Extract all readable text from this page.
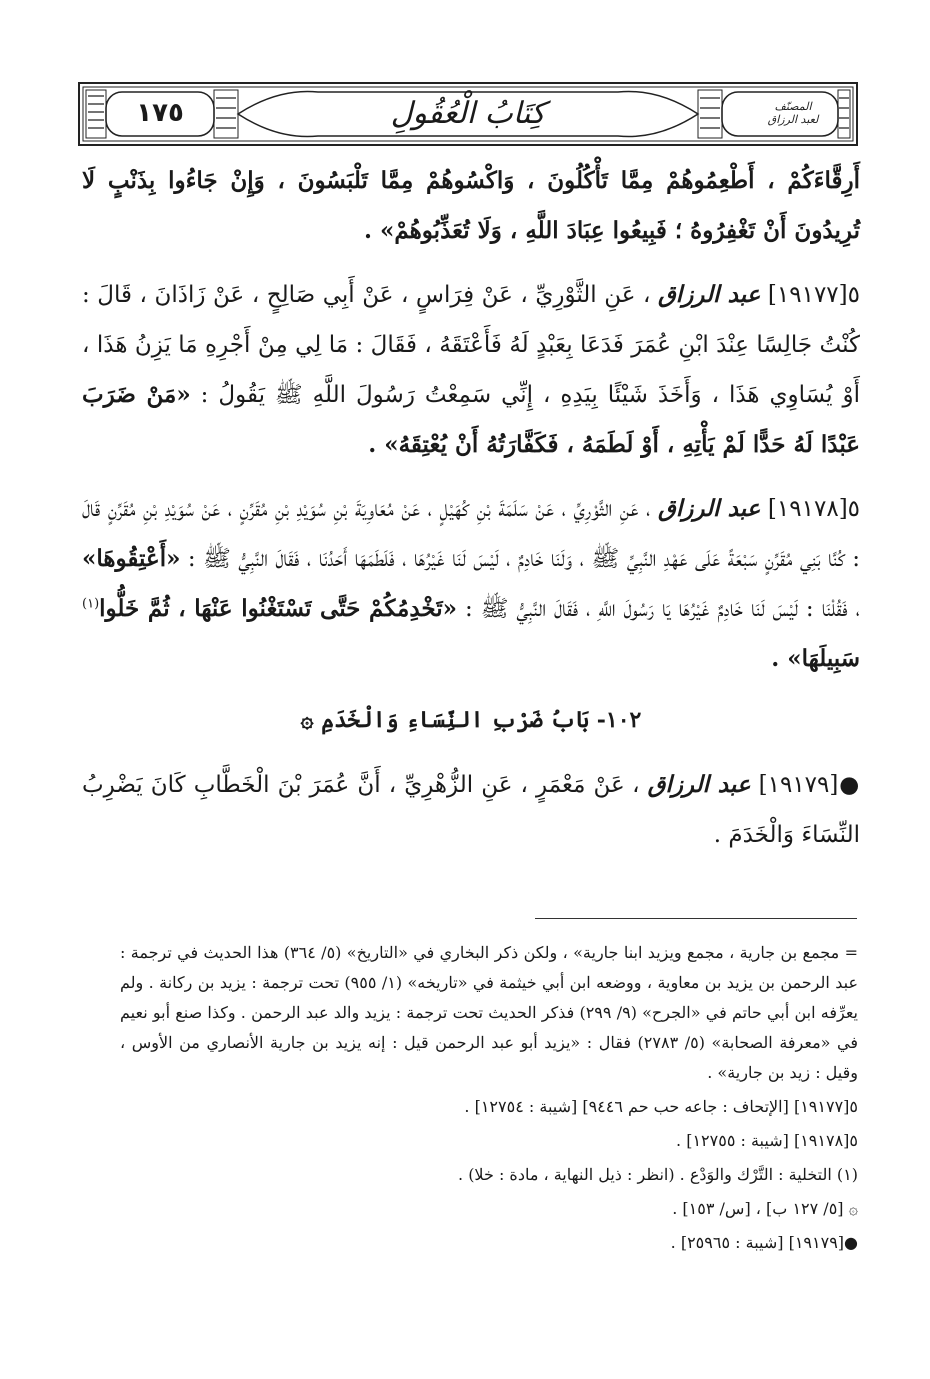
١٧٥	كِتَابُ الْعُقُولِ	المصنّف
لعبد الرزاق

أَرِقَّاءَكُمْ ، أَطْعِمُوهُمْ مِمَّا تَأْكُلُونَ ، وَاكْسُوهُمْ مِمَّا تَلْبَسُونَ ، وَإِنْ جَاءُوا بِذَنْبٍ لَا تُرِيدُونَ أَنْ تَغْفِرُوهُ ؛ فَبِيعُوا عِبَادَ اللَّهِ ، وَلَا تُعَذِّبُوهُمْ» .

٥[١٩١٧٧] عبد الرزاق ، عَنِ الثَّوْرِيِّ ، عَنْ فِرَاسٍ ، عَنْ أَبِي صَالِحٍ ، عَنْ زَاذَانَ ، قَالَ : كُنْتُ جَالِسًا عِنْدَ ابْنِ عُمَرَ فَدَعَا بِعَبْدٍ لَهُ فَأَعْتَقَهُ ، فَقَالَ : مَا لِي مِنْ أَجْرِهِ مَا يَزِنُ هَذَا ، أَوْ يُسَاوِي هَذَا ، وَأَخَذَ شَيْئًا بِيَدِهِ ، إِنِّي سَمِعْتُ رَسُولَ اللَّهِ ﷺ يَقُولُ : «مَنْ ضَرَبَ عَبْدًا لَهُ حَدًّا لَمْ يَأْتِهِ ، أَوْ لَطَمَهُ ، فَكَفَّارَتُهُ أَنْ يُعْتِقَهُ» .

٥[١٩١٧٨] عبد الرزاق ، عَنِ الثَّوْرِيِّ ، عَنْ سَلَمَةَ بْنِ كُهَيْلٍ ، عَنْ مُعَاوِيَةَ بْنِ سُوَيْدِ بْنِ مُقَرِّنٍ ، عَنْ سُوَيْدِ بْنِ مُقَرِّنٍ قَالَ : كُنَّا بَنِي مُقَرِّنٍ سَبْعَةً عَلَى عَهْدِ النَّبِيِّ ﷺ ، وَلَنَا خَادِمٌ ، لَيْسَ لَنَا غَيْرُهَا ، فَلَطَمَهَا أَحَدُنَا ، فَقَالَ النَّبِيُّ ﷺ : «أَعْتِقُوهَا» ، فَقُلْنَا : لَيْسَ لَنَا خَادِمٌ غَيْرُهَا يَا رَسُولَ اللَّهِ ، فَقَالَ النَّبِيُّ ﷺ : «تَخْدِمُكُمْ حَتَّى تَسْتَغْنُوا عَنْهَا ، ثُمَّ خَلُّوا$^{(١)}$ سَبِيلَهَا» .

١٠٢- بَابُ ضَرْبِ النِّسَاءِ وَالْخَدَمِ ۞

●[١٩١٧٩] عبد الرزاق ، عَنْ مَعْمَرٍ ، عَنِ الزُّهْرِيِّ ، أَنَّ عُمَرَ بْنَ الْخَطَّابِ كَانَ يَضْرِبُ النِّسَاءَ وَالْخَدَمَ .

= مجمع بن جارية ، مجمع ويزيد ابنا جارية» ، ولكن ذكر البخاري في «التاريخ» (٥/ ٣٦٤) هذا الحديث في ترجمة : عبد الرحمن بن يزيد بن معاوية ، ووضعه ابن أبي خيثمة في «تاريخه» (١/ ٩٥٥) تحت ترجمة : يزيد بن ركانة . ولم يعرِّفه ابن أبي حاتم في «الجرح» (٩/ ٢٩٩) فذكر الحديث تحت ترجمة : يزيد والد عبد الرحمن . وكذا صنع أبو نعيم في «معرفة الصحابة» (٥/ ٢٧٨٣) فقال : «يزيد أبو عبد الرحمن قيل : إنه يزيد بن جارية الأنصاري من الأوس ، وقيل : زيد بن جارية» .

٥[١٩١٧٧] [الإتحاف : جاعه حب حم ٩٤٤٦] [شيبة : ١٢٧٥٤] .

٥[١٩١٧٨] [شيبة : ١٢٧٥٥] .

(١) التخلية : التَّرْك والوَدْع . (انظر : ذيل النهاية ، مادة : خلا) .

۞ [٥/ ١٢٧ ب] ، [س/ ١٥٣] .

●[١٩١٧٩] [شيبة : ٢٥٩٦٥] .
